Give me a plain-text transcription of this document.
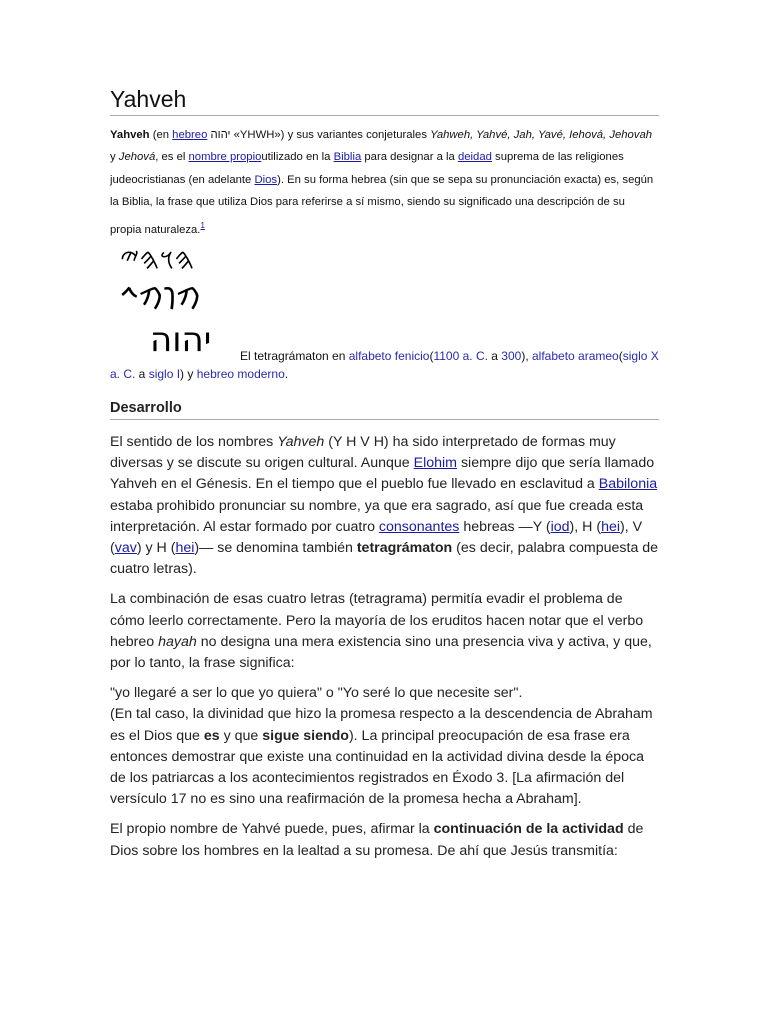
Yahveh

Yahveh (en hebreo יהוה «YHWH») y sus variantes conjeturales Yahweh, Yahvé, Jah, Yavé, Iehová, Jehovah y Jehová, es el nombre propioutilizado en la Biblia para designar a la deidad suprema de las religiones judeocristianas (en adelante Dios). En su forma hebrea (sin que se sepa su pronunciación exacta) es, según la Biblia, la frase que utiliza Dios para referirse a sí mismo, siendo su significado una descripción de su propia naturaleza.$^1$

𐤄𐤅𐤄𐤉
𐡄𐡅𐡄𐡉
יהוה	El tetragrámaton en alfabeto fenicio(1100 a. C. a 300), alfabeto arameo(siglo X a. C. a siglo I) y hebreo moderno.
Desarrollo

El sentido de los nombres Yahveh (Y H V H) ha sido interpretado de formas muy diversas y se discute su origen cultural. Aunque Elohim siempre dijo que sería llamado Yahveh en el Génesis. En el tiempo que el pueblo fue llevado en esclavitud a Babilonia estaba prohibido pronunciar su nombre, ya que era sagrado, así que fue creada esta interpretación. Al estar formado por cuatro consonantes hebreas —Y (iod), H (hei), V (vav) y H (hei)— se denomina también tetragrámaton (es decir, palabra compuesta de cuatro letras).

La combinación de esas cuatro letras (tetragrama) permitía evadir el problema de cómo leerlo correctamente. Pero la mayoría de los eruditos hacen notar que el verbo hebreo hayah no designa una mera existencia sino una presencia viva y activa, y que, por lo tanto, la frase significa:

"yo llegaré a ser lo que yo quiera" o "Yo seré lo que necesite ser".
(En tal caso, la divinidad que hizo la promesa respecto a la descendencia de Abraham es el Dios que es y que sigue siendo). La principal preocupación de esa frase era entonces demostrar que existe una continuidad en la actividad divina desde la época de los patriarcas a los acontecimientos registrados en Éxodo 3. [La afirmación del versículo 17 no es sino una reafirmación de la promesa hecha a Abraham].

El propio nombre de Yahvé puede, pues, afirmar la continuación de la actividad de Dios sobre los hombres en la lealtad a su promesa. De ahí que Jesús transmitía:
